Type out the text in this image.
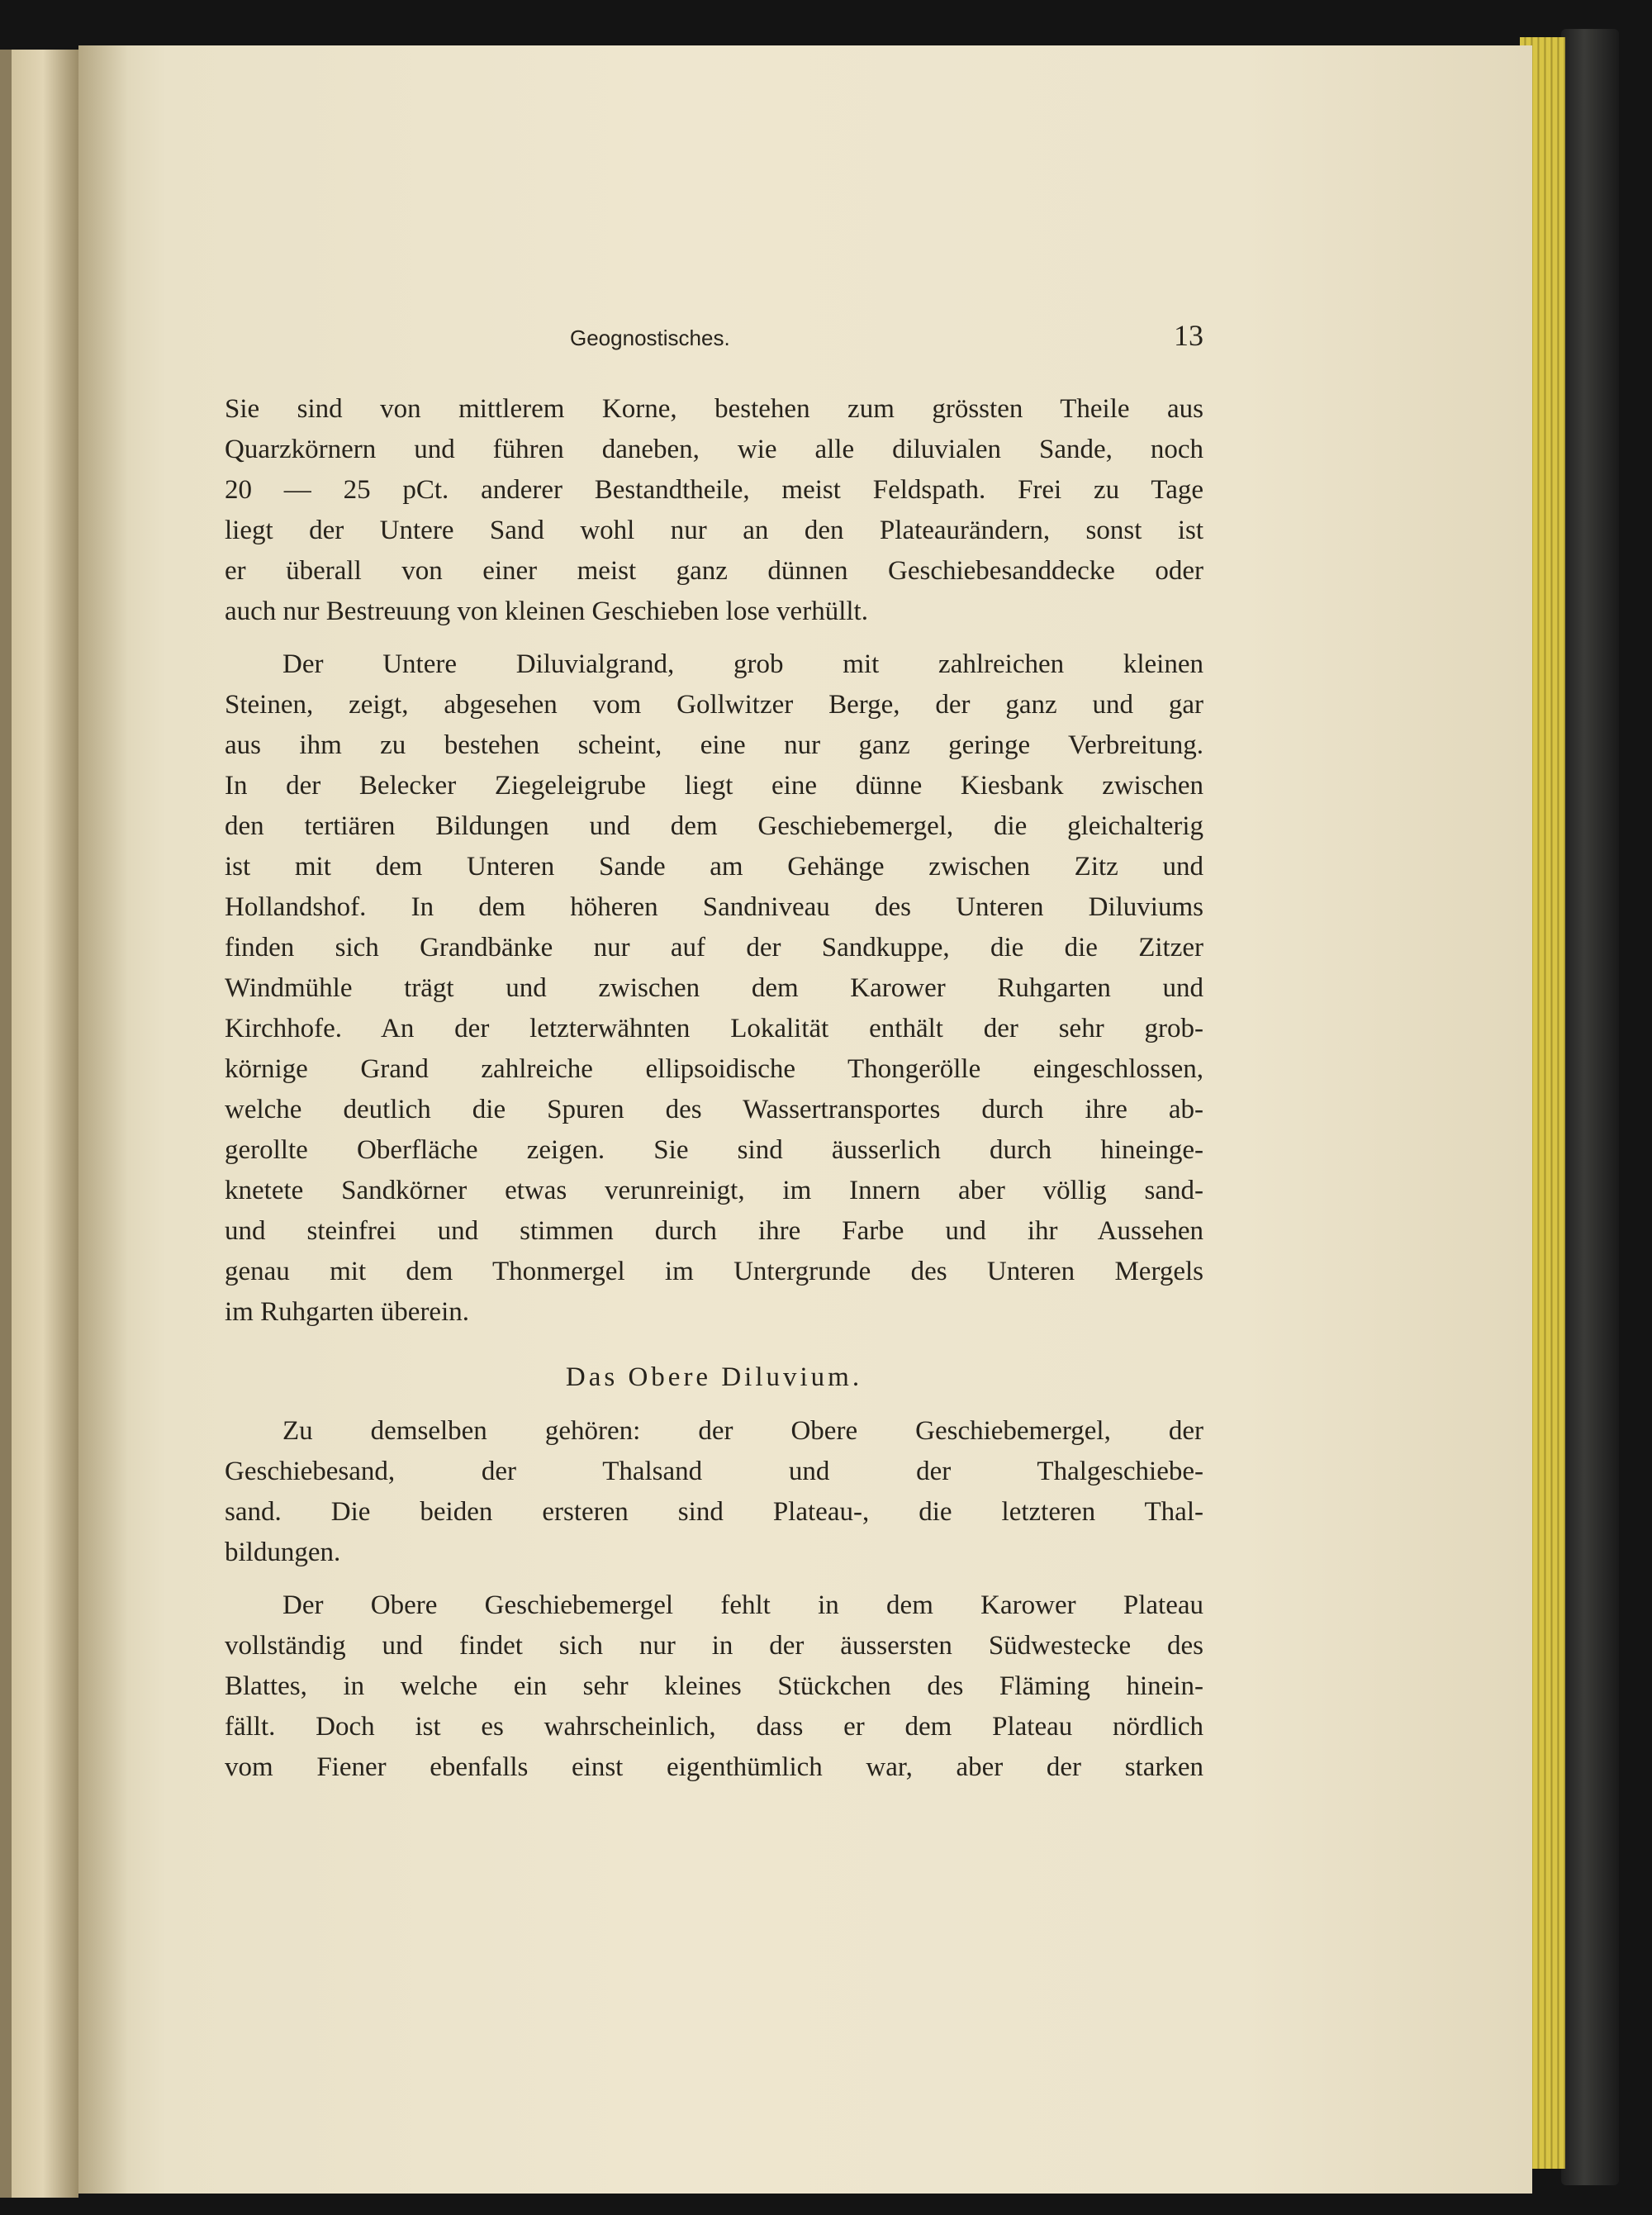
Geognostisches.	13
Sie sind von mittlerem Korne, bestehen zum grössten Theile aus
Quarzkörnern und führen daneben, wie alle diluvialen Sande, noch
20 — 25 pCt. anderer Bestandtheile, meist Feldspath. Frei zu Tage
liegt der Untere Sand wohl nur an den Plateaurändern, sonst ist
er überall von einer meist ganz dünnen Geschiebesanddecke oder
auch nur Bestreuung von kleinen Geschieben lose verhüllt.
Der Untere Diluvialgrand, grob mit zahlreichen kleinen
Steinen, zeigt, abgesehen vom Gollwitzer Berge, der ganz und gar
aus ihm zu bestehen scheint, eine nur ganz geringe Verbreitung.
In der Belecker Ziegeleigrube liegt eine dünne Kiesbank zwischen
den tertiären Bildungen und dem Geschiebemergel, die gleichalterig
ist mit dem Unteren Sande am Gehänge zwischen Zitz und
Hollandshof. In dem höheren Sandniveau des Unteren Diluviums
finden sich Grandbänke nur auf der Sandkuppe, die die Zitzer
Windmühle trägt und zwischen dem Karower Ruhgarten und
Kirchhofe. An der letzterwähnten Lokalität enthält der sehr grob-
körnige Grand zahlreiche ellipsoidische Thongerölle eingeschlossen,
welche deutlich die Spuren des Wassertransportes durch ihre ab-
gerollte Oberfläche zeigen. Sie sind äusserlich durch hineinge-
knetete Sandkörner etwas verunreinigt, im Innern aber völlig sand-
und steinfrei und stimmen durch ihre Farbe und ihr Aussehen
genau mit dem Thonmergel im Untergrunde des Unteren Mergels
im Ruhgarten überein.
Das Obere Diluvium.
Zu demselben gehören: der Obere Geschiebemergel, der
Geschiebesand, der Thalsand und der Thalgeschiebe-
sand. Die beiden ersteren sind Plateau-, die letzteren Thal-
bildungen.
Der Obere Geschiebemergel fehlt in dem Karower Plateau
vollständig und findet sich nur in der äussersten Südwestecke des
Blattes, in welche ein sehr kleines Stückchen des Fläming hinein-
fällt. Doch ist es wahrscheinlich, dass er dem Plateau nördlich
vom Fiener ebenfalls einst eigenthümlich war, aber der starken
